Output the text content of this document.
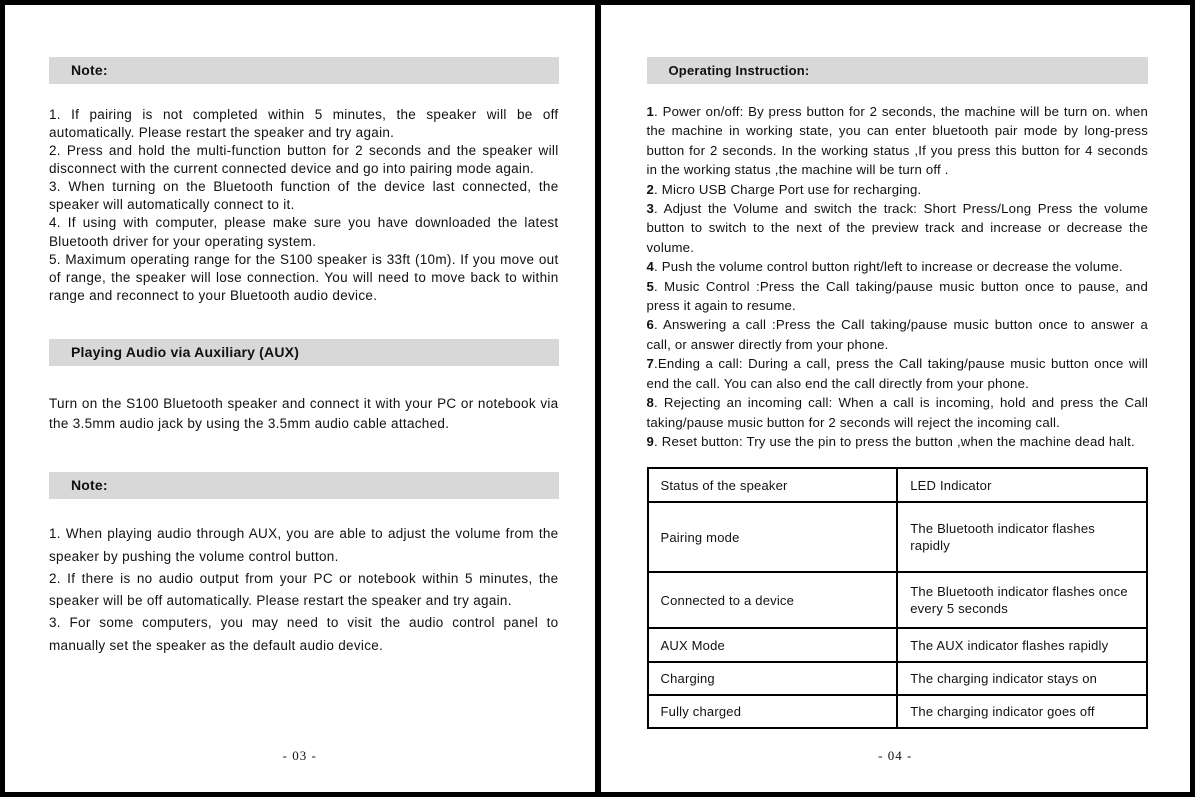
Note:

1. If pairing is not completed within 5 minutes, the speaker will be off automatically. Please restart the speaker and try again.

2. Press and hold the multi-function button for 2 seconds and the speaker will disconnect with the current connected device and go into pairing mode again.

3. When turning on the Bluetooth function of the device last connected, the speaker will automatically connect to it.

4. If using with computer, please make sure you have downloaded the latest Bluetooth driver for your operating system.

5. Maximum operating range for the S100 speaker is 33ft (10m). If you move out of range, the speaker will lose connection. You will need to move back to within range and reconnect to your Bluetooth audio device.

Playing Audio via Auxiliary (AUX)

Turn on the S100 Bluetooth speaker and connect it with your PC or notebook via the 3.5mm audio jack by using the 3.5mm audio cable attached.

Note:

1. When playing audio through AUX, you are able to adjust the volume from the speaker by pushing the volume control button.

2. If there is no audio output from your PC or notebook within 5 minutes, the speaker will be off automatically. Please restart the speaker and try again.

3. For some computers, you may need to visit the audio control panel to manually set the speaker as the default audio device.

- 03 -
Operating Instruction:

1. Power on/off: By press button for 2 seconds, the machine will be turn on. when the machine in working state, you can enter bluetooth pair mode by long-press button for 2 seconds. In the working status ,If you press this button for 4 seconds in the working status ,the machine will be turn off .

2. Micro USB Charge Port use for recharging.

3. Adjust the Volume and switch the track: Short Press/Long Press the volume button to switch to the next of the preview track and increase or decrease the volume.

4. Push the volume control button right/left to increase or decrease the volume.

5. Music Control :Press the Call taking/pause music button once to pause, and press it again to resume.

6. Answering a call :Press the Call taking/pause music button once to answer a call, or answer directly from your phone.

7.Ending a call: During a call, press the Call taking/pause music button once will end the call. You can also end the call directly from your phone.

8. Rejecting an incoming call: When a call is incoming, hold and press the Call taking/pause music button for 2 seconds will reject the incoming call.

9. Reset button: Try use the pin to press the button ,when the machine dead halt.

Status of the speaker	LED Indicator
Pairing mode	The Bluetooth indicator flashes rapidly
Connected to a device	The Bluetooth indicator flashes once every 5 seconds
AUX Mode	The AUX indicator flashes rapidly
Charging	The charging indicator stays on
Fully charged	The charging indicator goes off
- 04 -
